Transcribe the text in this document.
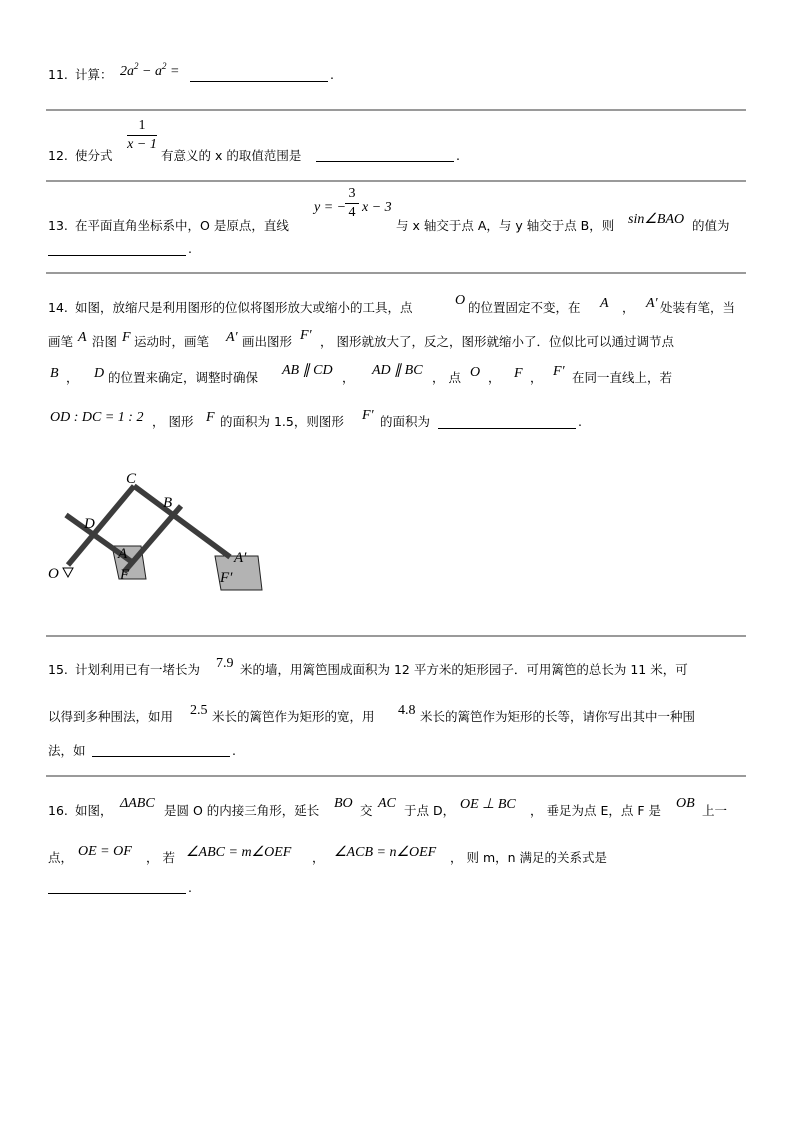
11. 计算： $2a^2 - a^2$ =	.
12. 使分式
1
x − 1
有意义的 x 的取值范围是	.
13. 在平面直角坐标系中，O 是原点，直线
y = −
3
4 x − 3
与 x 轴交于点 A，与 y 轴交于点 B，则 sin∠BAO 的值为
.
14. 如图，放缩尺是利用图形的位似将图形放大或缩小的工具，点	O 的位置固定不变，在 A ， A′ 处装有笔，当
画笔 A 沿图 F 运动时，画笔 A′ 画出图形 F′ ， 图形就放大了，反之，图形就缩小了．位似比可以通过调节点
B ， D 的位置来确定，调整时确保 AB ∥ CD ， AD ∥ BC ， 点 O ， F ， F′ 在同一直线上，若
OD : DC = 1 : 2 ， 图形 F 的面积为 1.5，则图形 F′ 的面积为	.
C
B
D
A
F
O
A′
F′
15. 计划利用已有一堵长为 7.9 米的墙，用篱笆围成面积为 12 平方米的矩形园子．可用篱笆的总长为 11 米，可
以得到多种围法，如用 2.5 米长的篱笆作为矩形的宽，用 4.8 米长的篱笆作为矩形的长等，请你写出其中一种围
法，如	.
16. 如图， ΔABC 是圆 O 的内接三角形，延长 BO 交 AC 于点 D， OE ⊥ BC ， 垂足为点 E，点 F 是 OB 上一
点， OE = OF ， 若 ∠ABC = m∠OEF ， ∠ACB = n∠OEF ， 则 m，n 满足的关系式是
.
